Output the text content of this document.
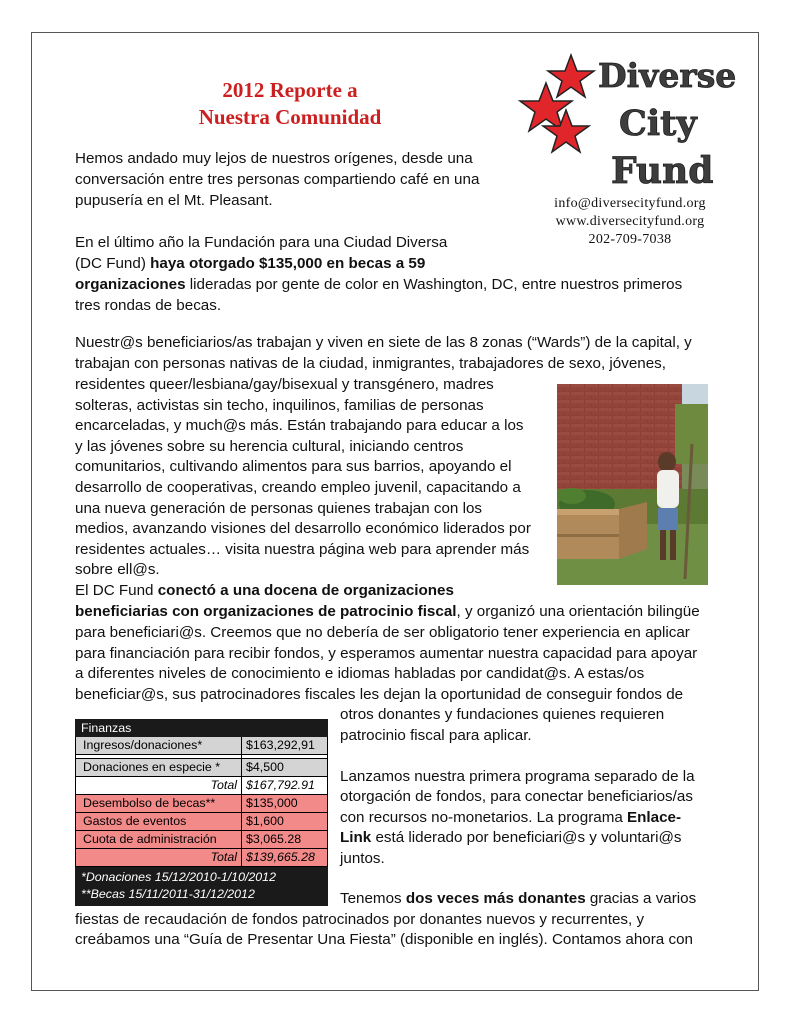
2012 Reporte a
Nuestra Comunidad
Diverse
City
Fund
info@diversecityfund.org
www.diversecityfund.org
202-709-7038
Hemos andado muy lejos de nuestros orígenes, desde una
conversación entre tres personas compartiendo café en una
pupusería en el Mt. Pleasant.
En el último año la Fundación para una Ciudad Diversa
(DC Fund) haya otorgado $135,000 en becas a 59
organizaciones lideradas por gente de color en Washington, DC, entre nuestros primeros
tres rondas de becas.
Nuestr@s beneficiarios/as trabajan y viven en siete de las 8 zonas (“Wards”) de la capital, y
trabajan con personas nativas de la ciudad, inmigrantes, trabajadores de sexo, jóvenes,
residentes queer/lesbiana/gay/bisexual y transgénero, madres
solteras, activistas sin techo, inquilinos, familias de personas
encarceladas, y much@s más. Están trabajando para educar a los
y las jóvenes sobre su herencia cultural, iniciando centros
comunitarios, cultivando alimentos para sus barrios, apoyando el
desarrollo de cooperativas, creando empleo juvenil, capacitando a
una nueva generación de personas quienes trabajan con los
medios, avanzando visiones del desarrollo económico liderados por
residentes actuales… visita nuestra página web para aprender más
sobre ell@s.
El DC Fund conectó a una docena de organizaciones
beneficiarias con organizaciones de patrocinio fiscal, y organizó una orientación bilingüe
para beneficiari@s. Creemos que no debería de ser obligatorio tener experiencia en aplicar
para financiación para recibir fondos, y esperamos aumentar nuestra capacidad para apoyar
a diferentes niveles de conocimiento e idiomas habladas por candidat@s. A estas/os
beneficiar@s, sus patrocinadores fiscales les dejan la oportunidad de conseguir fondos de
otros donantes y fundaciones quienes requieren
patrocinio fiscal para aplicar.
Lanzamos nuestra primera programa separado de la
otorgación de fondos, para conectar beneficiarios/as
con recursos no-monetarios. La programa Enlace-
Link está liderado por beneficiari@s y voluntari@s
juntos.
Tenemos dos veces más donantes gracias a varios
fiestas de recaudación de fondos patrocinados por donantes nuevos y recurrentes, y
creábamos una “Guía de Presentar Una Fiesta” (disponible en inglés). Contamos ahora con
Finanzas
Ingresos/donaciones*	$163,292,91
Donaciones en especie *	$4,500
Total $167,792.91
Desembolso de becas**	$135,000
Gastos de eventos	$1,600
Cuota de administración	$3,065.28
Total $139,665.28
*Donaciones 15/12/2010-1/10/2012
**Becas 15/11/2011-31/12/2012
